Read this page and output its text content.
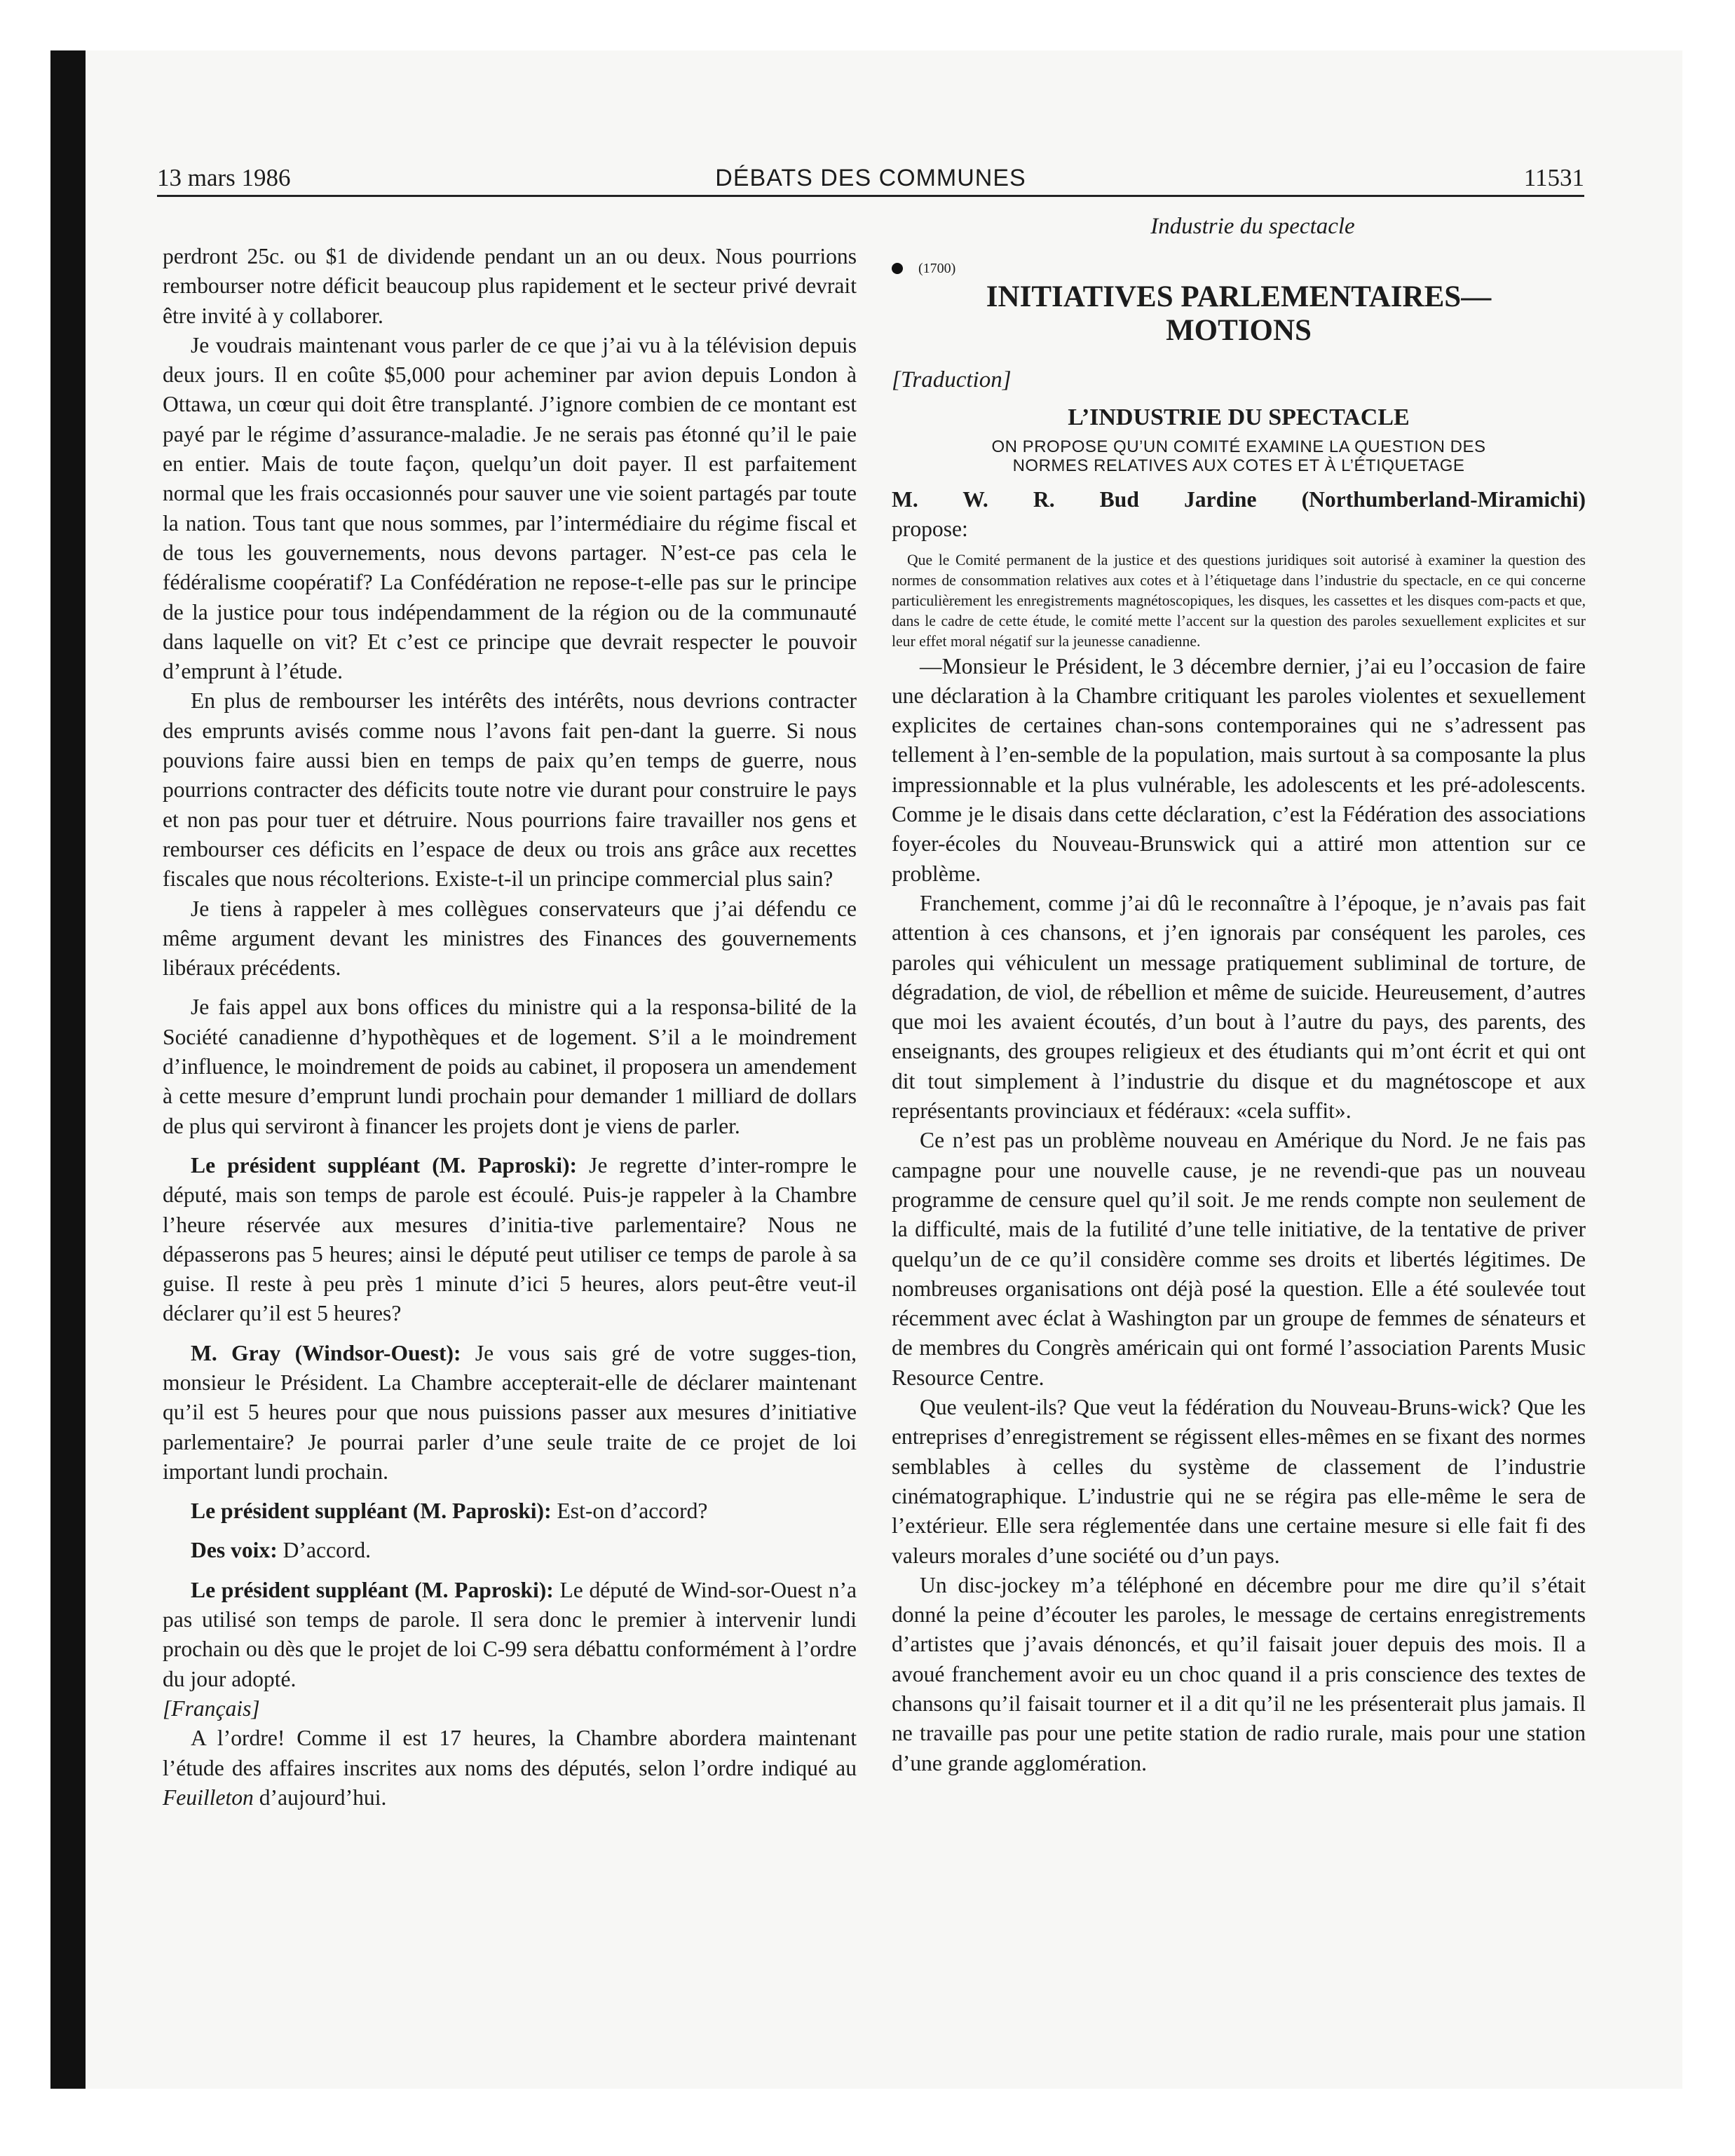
13 mars 1986	DÉBATS DES COMMUNES	11531

perdront 25c. ou $1 de dividende pendant un an ou deux. Nous pourrions rembourser notre déficit beaucoup plus rapidement et le secteur privé devrait être invité à y collaborer.

Je voudrais maintenant vous parler de ce que j’ai vu à la télévision depuis deux jours. Il en coûte $5,000 pour acheminer par avion depuis London à Ottawa, un cœur qui doit être transplanté. J’ignore combien de ce montant est payé par le régime d’assurance-maladie. Je ne serais pas étonné qu’il le paie en entier. Mais de toute façon, quelqu’un doit payer. Il est parfaitement normal que les frais occasionnés pour sauver une vie soient partagés par toute la nation. Tous tant que nous sommes, par l’intermédiaire du régime fiscal et de tous les gouvernements, nous devons partager. N’est-ce pas cela le fédéralisme coopératif? La Confédération ne repose-t-elle pas sur le principe de la justice pour tous indépendamment de la région ou de la communauté dans laquelle on vit? Et c’est ce principe que devrait respecter le pouvoir d’emprunt à l’étude.

En plus de rembourser les intérêts des intérêts, nous devrions contracter des emprunts avisés comme nous l’avons fait pen-dant la guerre. Si nous pouvions faire aussi bien en temps de paix qu’en temps de guerre, nous pourrions contracter des déficits toute notre vie durant pour construire le pays et non pas pour tuer et détruire. Nous pourrions faire travailler nos gens et rembourser ces déficits en l’espace de deux ou trois ans grâce aux recettes fiscales que nous récolterions. Existe-t-il un principe commercial plus sain?

Je tiens à rappeler à mes collègues conservateurs que j’ai défendu ce même argument devant les ministres des Finances des gouvernements libéraux précédents.

Je fais appel aux bons offices du ministre qui a la responsa-bilité de la Société canadienne d’hypothèques et de logement. S’il a le moindrement d’influence, le moindrement de poids au cabinet, il proposera un amendement à cette mesure d’emprunt lundi prochain pour demander 1 milliard de dollars de plus qui serviront à financer les projets dont je viens de parler.

Le président suppléant (M. Paproski): Je regrette d’inter-rompre le député, mais son temps de parole est écoulé. Puis-je rappeler à la Chambre l’heure réservée aux mesures d’initia-tive parlementaire? Nous ne dépasserons pas 5 heures; ainsi le député peut utiliser ce temps de parole à sa guise. Il reste à peu près 1 minute d’ici 5 heures, alors peut-être veut-il déclarer qu’il est 5 heures?

M. Gray (Windsor-Ouest): Je vous sais gré de votre sugges-tion, monsieur le Président. La Chambre accepterait-elle de déclarer maintenant qu’il est 5 heures pour que nous puissions passer aux mesures d’initiative parlementaire? Je pourrai parler d’une seule traite de ce projet de loi important lundi prochain.

Le président suppléant (M. Paproski): Est-on d’accord?

Des voix: D’accord.

Le président suppléant (M. Paproski): Le député de Wind-sor-Ouest n’a pas utilisé son temps de parole. Il sera donc le premier à intervenir lundi prochain ou dès que le projet de loi C-99 sera débattu conformément à l’ordre du jour adopté.

[Français]

A l’ordre! Comme il est 17 heures, la Chambre abordera maintenant l’étude des affaires inscrites aux noms des députés, selon l’ordre indiqué au Feuilleton d’aujourd’hui.

Industrie du spectacle
(1700)
INITIATIVES PARLEMENTAIRES—
MOTIONS
[Traduction]
L’INDUSTRIE DU SPECTACLE
ON PROPOSE QU’UN COMITÉ EXAMINE LA QUESTION DES
NORMES RELATIVES AUX COTES ET À L’ÉTIQUETAGE

M. W. R. Bud Jardine (Northumberland-Miramichi)

propose:

Que le Comité permanent de la justice et des questions juridiques soit autorisé à examiner la question des normes de consommation relatives aux cotes et à l’étiquetage dans l’industrie du spectacle, en ce qui concerne particulièrement les enregistrements magnétoscopiques, les disques, les cassettes et les disques com-pacts et que, dans le cadre de cette étude, le comité mette l’accent sur la question des paroles sexuellement explicites et sur leur effet moral négatif sur la jeunesse canadienne.

—Monsieur le Président, le 3 décembre dernier, j’ai eu l’occasion de faire une déclaration à la Chambre critiquant les paroles violentes et sexuellement explicites de certaines chan-sons contemporaines qui ne s’adressent pas tellement à l’en-semble de la population, mais surtout à sa composante la plus impressionnable et la plus vulnérable, les adolescents et les pré-adolescents. Comme je le disais dans cette déclaration, c’est la Fédération des associations foyer-écoles du Nouveau-Brunswick qui a attiré mon attention sur ce problème.

Franchement, comme j’ai dû le reconnaître à l’époque, je n’avais pas fait attention à ces chansons, et j’en ignorais par conséquent les paroles, ces paroles qui véhiculent un message pratiquement subliminal de torture, de dégradation, de viol, de rébellion et même de suicide. Heureusement, d’autres que moi les avaient écoutés, d’un bout à l’autre du pays, des parents, des enseignants, des groupes religieux et des étudiants qui m’ont écrit et qui ont dit tout simplement à l’industrie du disque et du magnétoscope et aux représentants provinciaux et fédéraux: «cela suffit».

Ce n’est pas un problème nouveau en Amérique du Nord. Je ne fais pas campagne pour une nouvelle cause, je ne revendi-que pas un nouveau programme de censure quel qu’il soit. Je me rends compte non seulement de la difficulté, mais de la futilité d’une telle initiative, de la tentative de priver quelqu’un de ce qu’il considère comme ses droits et libertés légitimes. De nombreuses organisations ont déjà posé la question. Elle a été soulevée tout récemment avec éclat à Washington par un groupe de femmes de sénateurs et de membres du Congrès américain qui ont formé l’association Parents Music Resource Centre.

Que veulent-ils? Que veut la fédération du Nouveau-Bruns-wick? Que les entreprises d’enregistrement se régissent elles-mêmes en se fixant des normes semblables à celles du système de classement de l’industrie cinématographique. L’industrie qui ne se régira pas elle-même le sera de l’extérieur. Elle sera réglementée dans une certaine mesure si elle fait fi des valeurs morales d’une société ou d’un pays.

Un disc-jockey m’a téléphoné en décembre pour me dire qu’il s’était donné la peine d’écouter les paroles, le message de certains enregistrements d’artistes que j’avais dénoncés, et qu’il faisait jouer depuis des mois. Il a avoué franchement avoir eu un choc quand il a pris conscience des textes de chansons qu’il faisait tourner et il a dit qu’il ne les présenterait plus jamais. Il ne travaille pas pour une petite station de radio rurale, mais pour une station d’une grande agglomération.
